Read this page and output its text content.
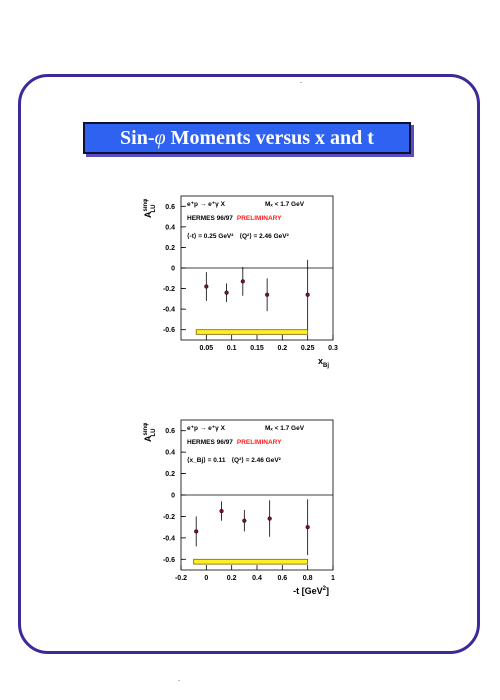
Sin-φ Moments versus x and t
0.6
0.4
0.2
0
-0.2
-0.4
-0.6
0.05 0.1 0.15 0.2 0.25 0.3
$A^{sin\varphi}$ LU
$x_{Bj}$
e⁺p → e⁺γ X	Mₓ < 1.7 GeV
HERMES 96/97 PRELIMINARY
⟨-t⟩ = 0.25 GeV² ⟨Q²⟩ = 2.46 GeV²
0.6
0.4
0.2
0
-0.2
-0.4
-0.6
-0.2 0	0.2 0.4 0.6 0.8	1
$A^{sin\varphi}$ LU
-t [GeV$^2$]
e⁺p → e⁺γ X	Mₓ < 1.7 GeV
HERMES 96/97 PRELIMINARY
⟨x_Bj⟩ = 0.11 ⟨Q²⟩ = 2.46 GeV²
